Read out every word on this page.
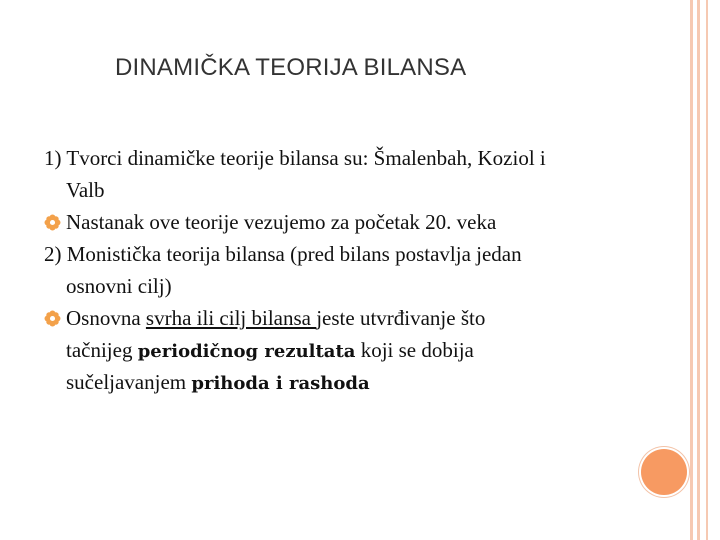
DINAMIČKA TEORIJA BILANSA
1) Tvorci dinamičke teorije bilansa su: Šmalenbah, Koziol i
Valb
Nastanak ove teorije vezujemo za početak 20. veka
2) Monistička teorija bilansa (pred bilans postavlja jedan
osnovni cilj)
Osnovna svrha ili cilj bilansa jeste utvrđivanje što
tačnijeg periodičnog rezultata koji se dobija
sučeljavanjem prihoda i rashoda
